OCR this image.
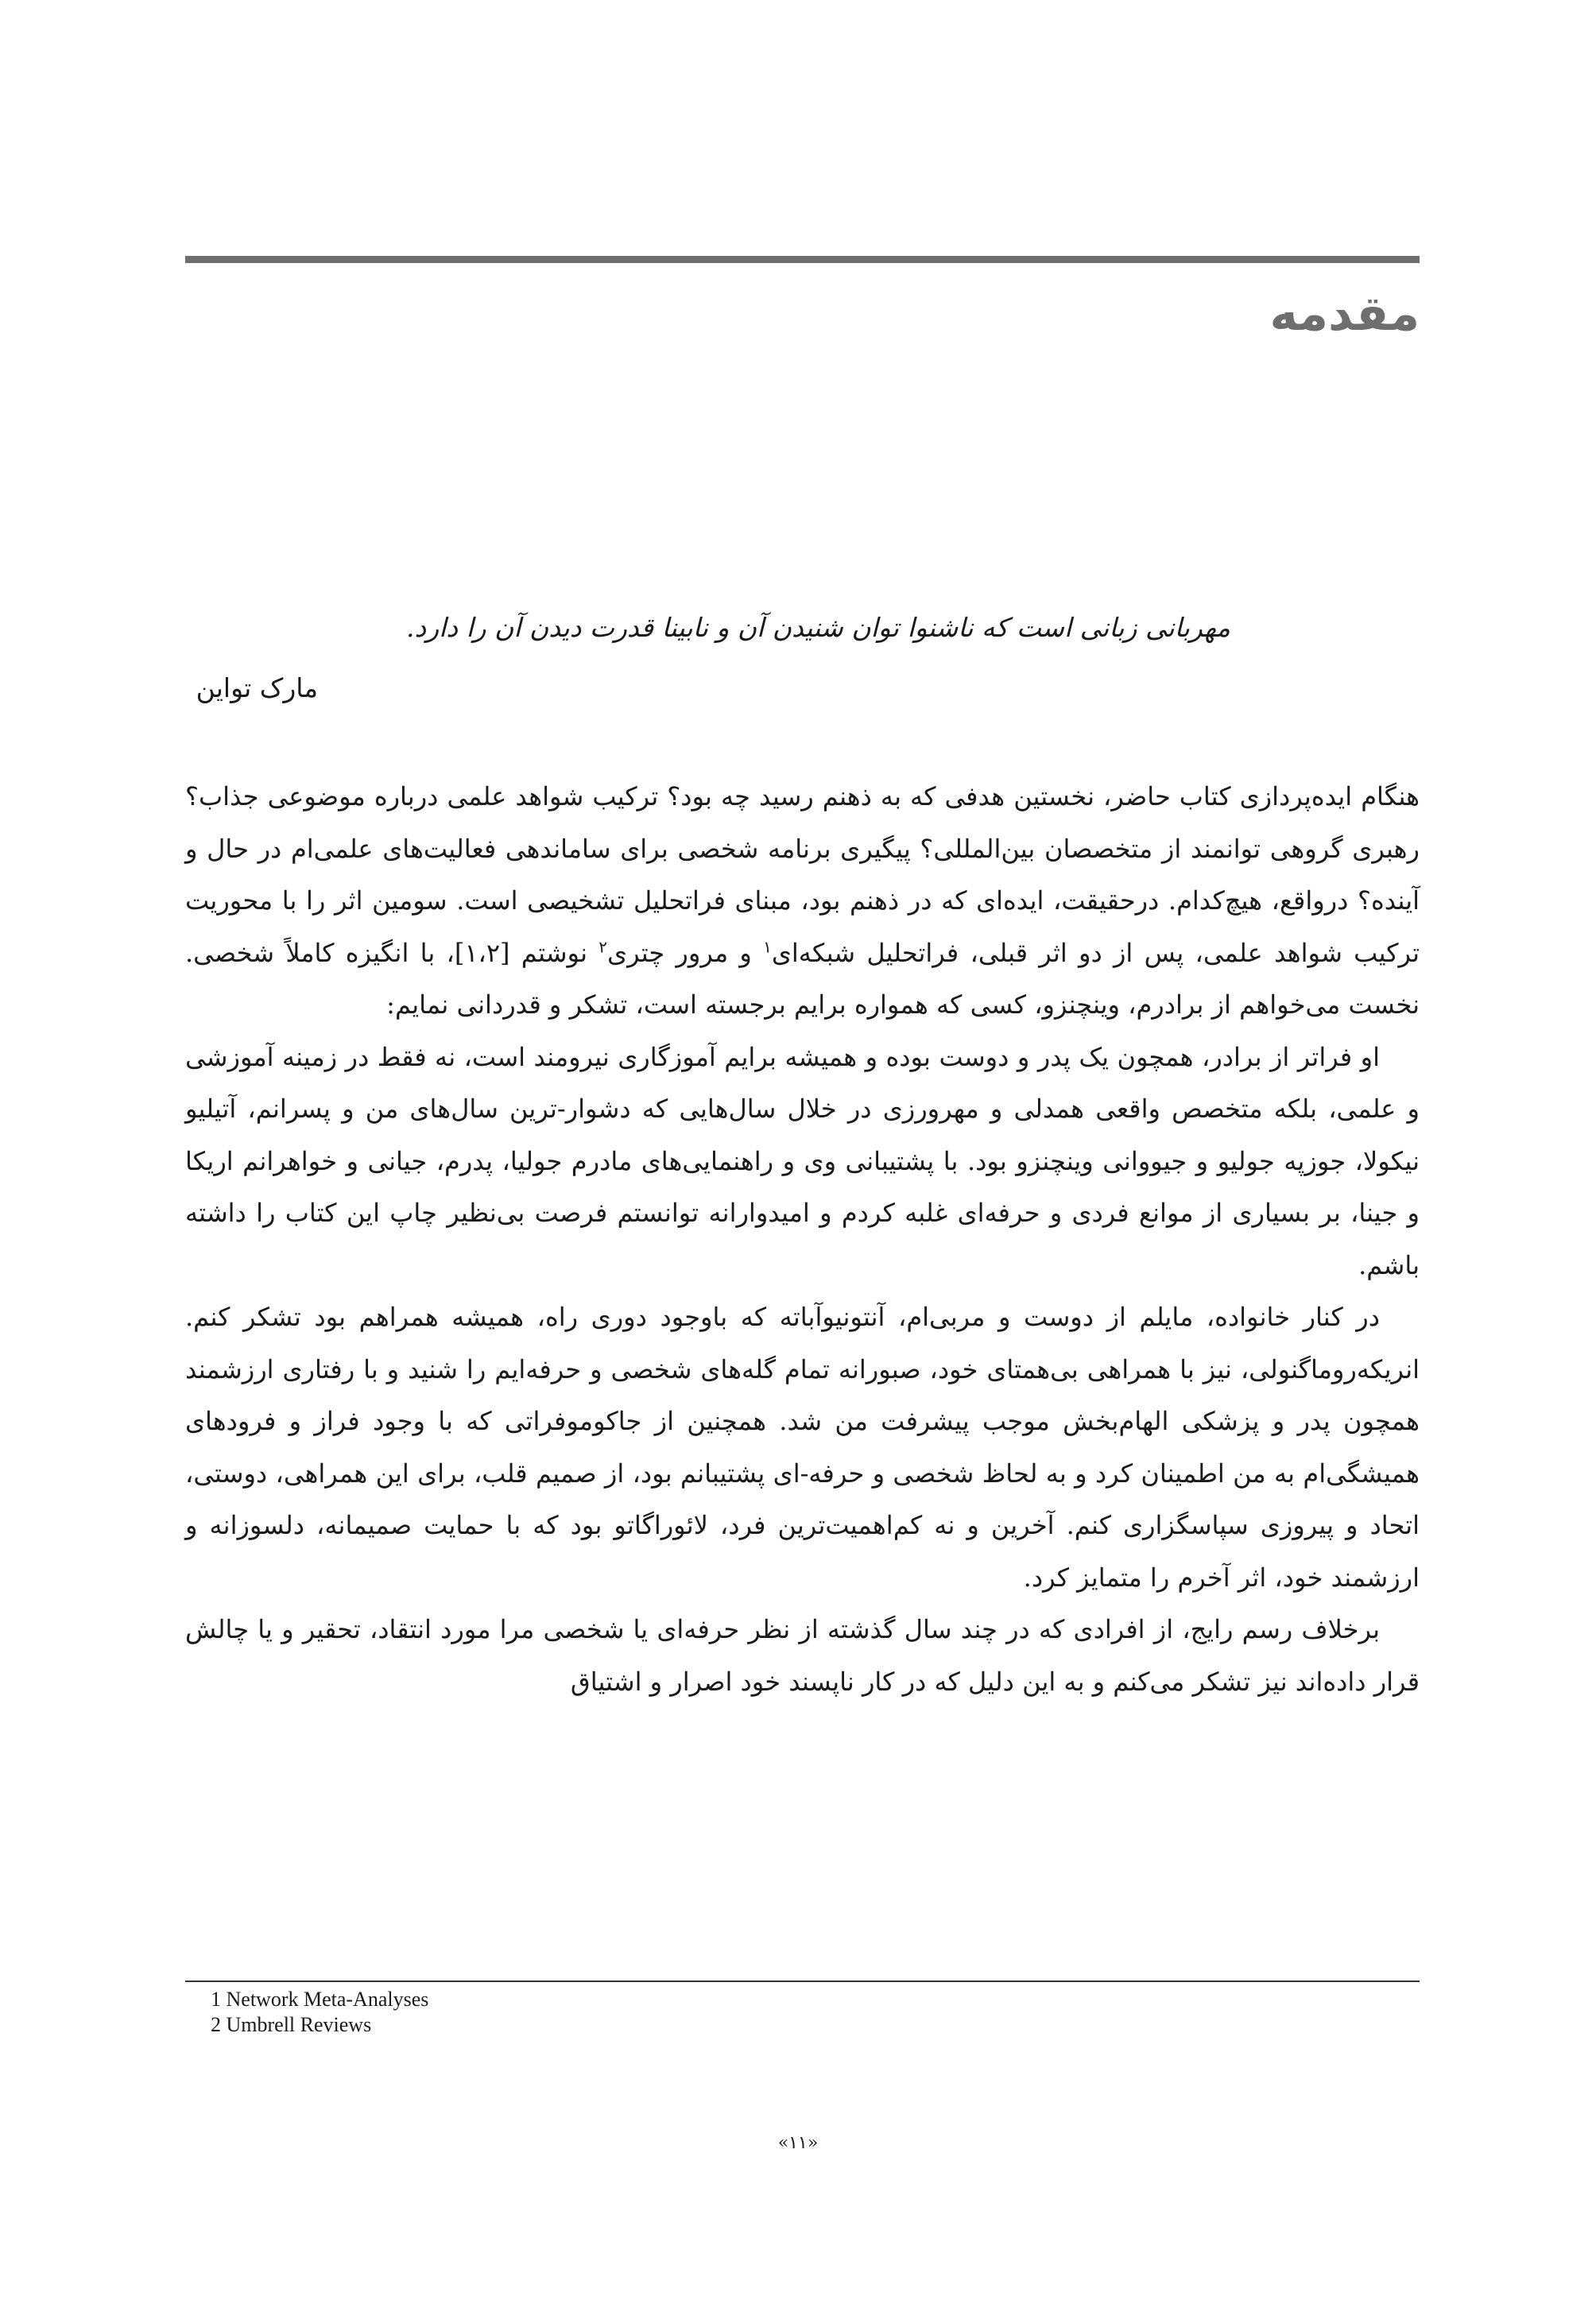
مقدمه

مهربانی زبانی است که ناشنوا توان شنیدن آن و نابینا قدرت دیدن آن را دارد.

مارک تواین

هنگام ایده‌پردازی کتاب حاضر، نخستین هدفی که به ذهنم رسید چه بود؟ ترکیب شواهد علمی درباره موضوعی جذاب؟ رهبری گروهی توانمند از متخصصان بین‌المللی؟ پیگیری برنامه شخصی برای ساماندهی فعالیت‌های علمی‌ام در حال و آینده؟ درواقع، هیچ‌کدام. درحقیقت، ایده‌ای که در ذهنم بود، مبنای فراتحلیل تشخیصی است. سومین اثر را با محوریت ترکیب شواهد علمی، پس از دو اثر قبلی، فراتحلیل شبکه‌ای$^۱$ و مرور چتری$^۲$ نوشتم [۱،۲]، با انگیزه کاملاً شخصی. نخست می‌خواهم از برادرم، وینچنزو، کسی که همواره برایم برجسته است، تشکر و قدردانی نمایم:

او فراتر از برادر، همچون یک پدر و دوست بوده و همیشه برایم آموزگاری نیرومند است، نه فقط در زمینه آموزشی و علمی، بلکه متخصص واقعی همدلی و مهرورزی در خلال سال‌هایی که دشوار-ترین سال‌های من و پسرانم، آتیلیو نیکولا، جوزپه جولیو و جیووانی وینچنزو بود. با پشتیبانی وی و راهنمایی‌های مادرم جولیا، پدرم، جیانی و خواهرانم اریکا و جینا، بر بسیاری از موانع فردی و حرفه‌ای غلبه کردم و امیدوارانه توانستم فرصت بی‌نظیر چاپ این کتاب را داشته باشم.

در کنار خانواده، مایلم از دوست و مربی‌ام، آنتونیوآباته که باوجود دوری راه، همیشه همراهم بود تشکر کنم. انریکه‌روماگنولی، نیز با همراهی بی‌همتای خود، صبورانه تمام گله‌های شخصی و حرفه‌ایم را شنید و با رفتاری ارزشمند همچون پدر و پزشکی الهام‌بخش موجب پیشرفت من شد. همچنین از جاکوموفراتی که با وجود فراز و فرودهای همیشگی‌ام به من اطمینان کرد و به لحاظ شخصی و حرفه-ای پشتیبانم بود، از صمیم قلب، برای این همراهی، دوستی، اتحاد و پیروزی سپاسگزاری کنم. آخرین و نه کم‌اهمیت‌ترین فرد، لائوراگاتو بود که با حمایت صمیمانه، دلسوزانه و ارزشمند خود، اثر آخرم را متمایز کرد.

برخلاف رسم رایج، از افرادی که در چند سال گذشته از نظر حرفه‌ای یا شخصی مرا مورد انتقاد، تحقیر و یا چالش قرار داده‌اند نیز تشکر می‌کنم و به این دلیل که در کار ناپسند خود اصرار و اشتیاق

1 Network Meta-Analyses

2 Umbrell Reviews

«۱۱»
